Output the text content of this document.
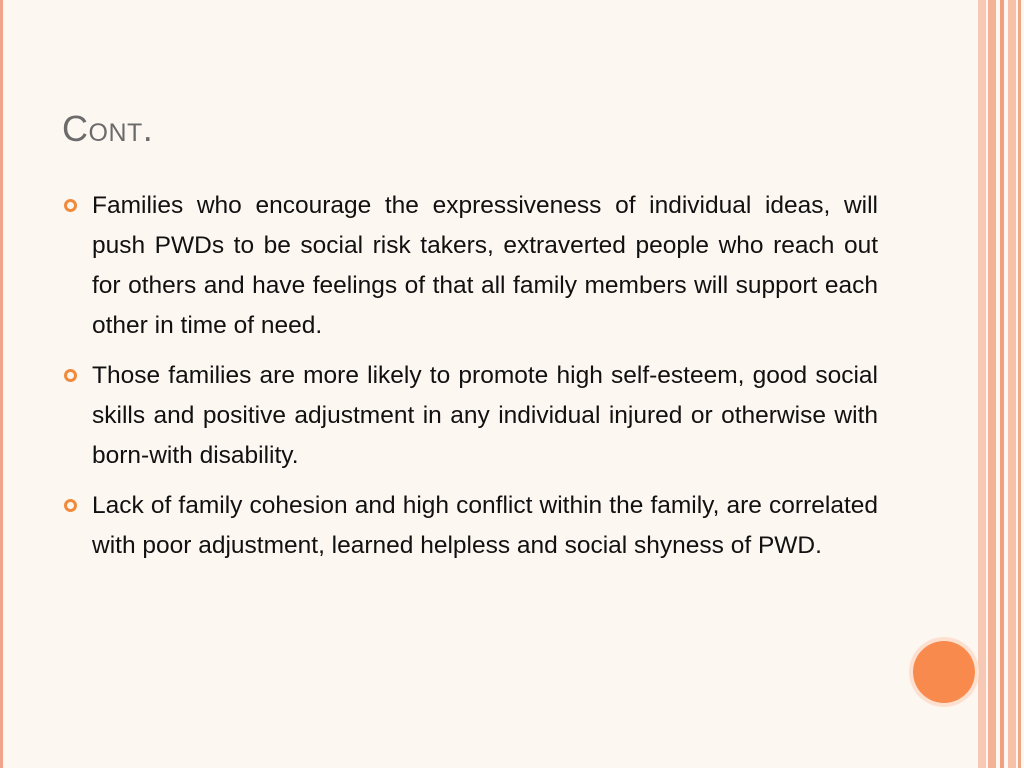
Cont.
Families who encourage the expressiveness of individual ideas, will push PWDs to be social risk takers, extraverted people who reach out for others and have feelings of that all family members will support each other in time of need.
Those families are more likely to promote high self-esteem, good social skills and positive adjustment in any individual injured or otherwise with born-with disability.
Lack of family cohesion and high conflict within the family, are correlated with poor adjustment, learned helpless and social shyness of PWD.
